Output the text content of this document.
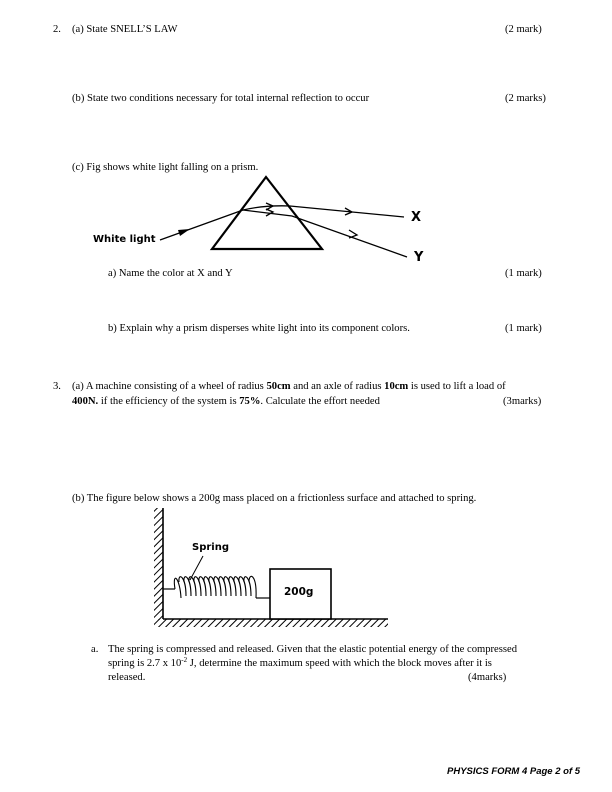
2. (a) State SNELL’S LAW	(2 mark)
(b) State two conditions necessary for total internal reflection to occur	(2 marks)
(c) Fig shows white light falling on a prism.
White light
X
Y
a) Name the color at X and Y	(1 mark)
b) Explain why a prism disperses white light into its component colors.	(1 mark)
3. (a) A machine consisting of a wheel of radius 50cm and an axle of radius 10cm is used to lift a load of
400N. if the efficiency of the system is 75%. Calculate the effort needed	(3marks)
(b) The figure below shows a 200g mass placed on a frictionless surface and attached to spring.
Spring
200g
a. The spring is compressed and released. Given that the elastic potential energy of the compressed
spring is 2.7 x $10^{-2}$ J, determine the maximum speed with which the block moves after it is
released.	(4marks)
PHYSICS FORM 4 Page 2 of 5
